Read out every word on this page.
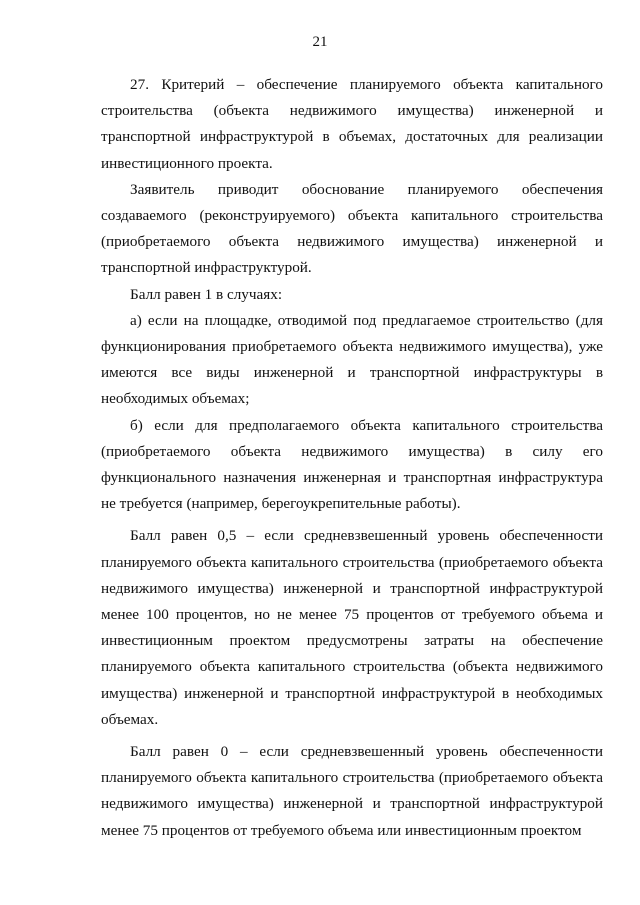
21

27. Критерий – обеспечение планируемого объекта капитального строительства (объекта недвижимого имущества) инженерной и транспортной инфраструктурой в объемах, достаточных для реализации инвестиционного проекта.

Заявитель приводит обоснование планируемого обеспечения создаваемого (реконструируемого) объекта капитального строительства (приобретаемого объекта недвижимого имущества) инженерной и транспортной инфраструктурой.

Балл равен 1 в случаях:

а) если на площадке, отводимой под предлагаемое строительство (для функционирования приобретаемого объекта недвижимого имущества), уже имеются все виды инженерной и транспортной инфраструктуры в необходимых объемах;

б) если для предполагаемого объекта капитального строительства (приобретаемого объекта недвижимого имущества) в силу его функционального назначения инженерная и транспортная инфраструктура не требуется (например, берегоукрепительные работы).

Балл равен 0,5 – если средневзвешенный уровень обеспеченности планируемого объекта капитального строительства (приобретаемого объекта недвижимого имущества) инженерной и транспортной инфраструктурой менее 100 процентов, но не менее 75 процентов от требуемого объема и инвестиционным проектом предусмотрены затраты на обеспечение планируемого объекта капитального строительства (объекта недвижимого имущества) инженерной и транспортной инфраструктурой в необходимых объемах.

Балл равен 0 – если средневзвешенный уровень обеспеченности планируемого объекта капитального строительства (приобретаемого объекта недвижимого имущества) инженерной и транспортной инфраструктурой менее 75 процентов от требуемого объема или инвестиционным проектом
